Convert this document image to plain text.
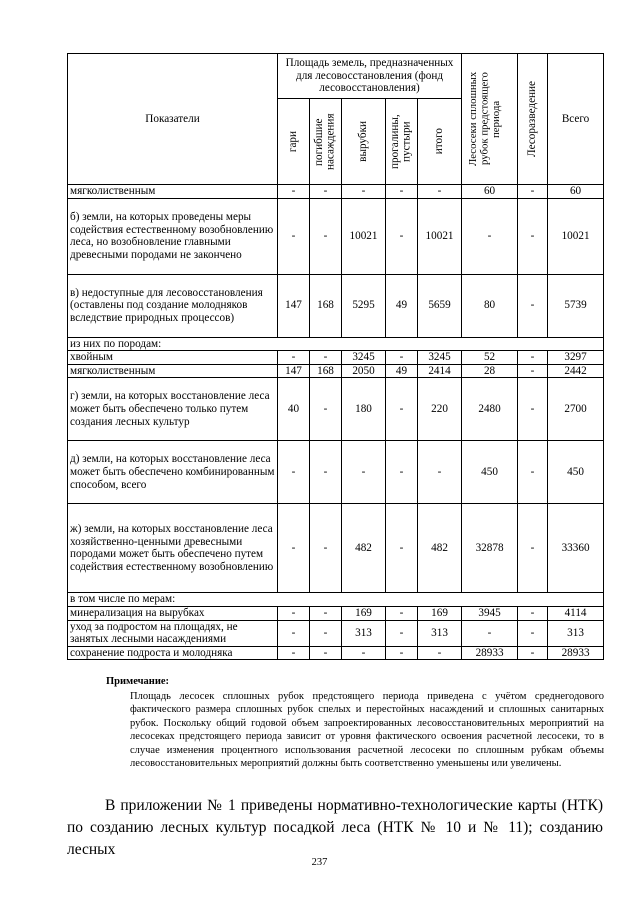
Показатели	Площадь земель, предназначенных для лесовосстановления (фонд лесовосстановления)					Лесосеки сплошных рубок предстоящего периода	Лесоразведение	Всего

	гари	погибшие насаждения	вырубки	прогалины, пустыри	итого			

мягколиственным	-	-	-	-	-	60	-	60
б) земли, на которых проведены меры содействия естественному возобновлению леса, но возобновление главными древесными породами не закончено	-	-	10021	-	10021	-	-	10021
в) недоступные для лесовосстановления (оставлены под создание молодняков вследствие природных процессов)	147	168	5295	49	5659	80	-	5739
из них по породам:								
хвойным	-	-	3245	-	3245	52	-	3297
мягколиственным	147	168	2050	49	2414	28	-	2442
г) земли, на которых восстановление леса может быть обеспечено только путем создания лесных культур	40	-	180	-	220	2480	-	2700
д) земли, на которых восстановление леса может быть обеспечено комбинированным способом, всего	-	-	-	-	-	450	-	450
ж) земли, на которых восстановление леса хозяйственно-ценными древесными породами может быть обеспечено путем содействия естественному возобновлению	-	-	482	-	482	32878	-	33360
в том числе по мерам:								
минерализация на вырубках	-	-	169	-	169	3945	-	4114
уход за подростом на площадях, не занятых лесными насаждениями	-	-	313	-	313	-	-	313
сохранение подроста и молодняка	-	-	-	-	-	28933	-	28933
Примечание:
Площадь лесосек сплошных рубок предстоящего периода приведена с учётом среднегодового фактического размера сплошных рубок спелых и перестойных насаждений и сплошных санитарных рубок. Поскольку общий годовой объем запроектированных лесовосстановительных мероприятий на лесосеках предстоящего периода зависит от уровня фактического освоения расчетной лесосеки, то в случае изменения процентного использования расчетной лесосеки по сплошным рубкам объемы лесовосстановительных мероприятий должны быть соответственно уменьшены или увеличены.
В приложении № 1 приведены нормативно-технологические карты (НТК) по созданию лесных культур посадкой леса (НТК № 10 и № 11); созданию лесных
237
